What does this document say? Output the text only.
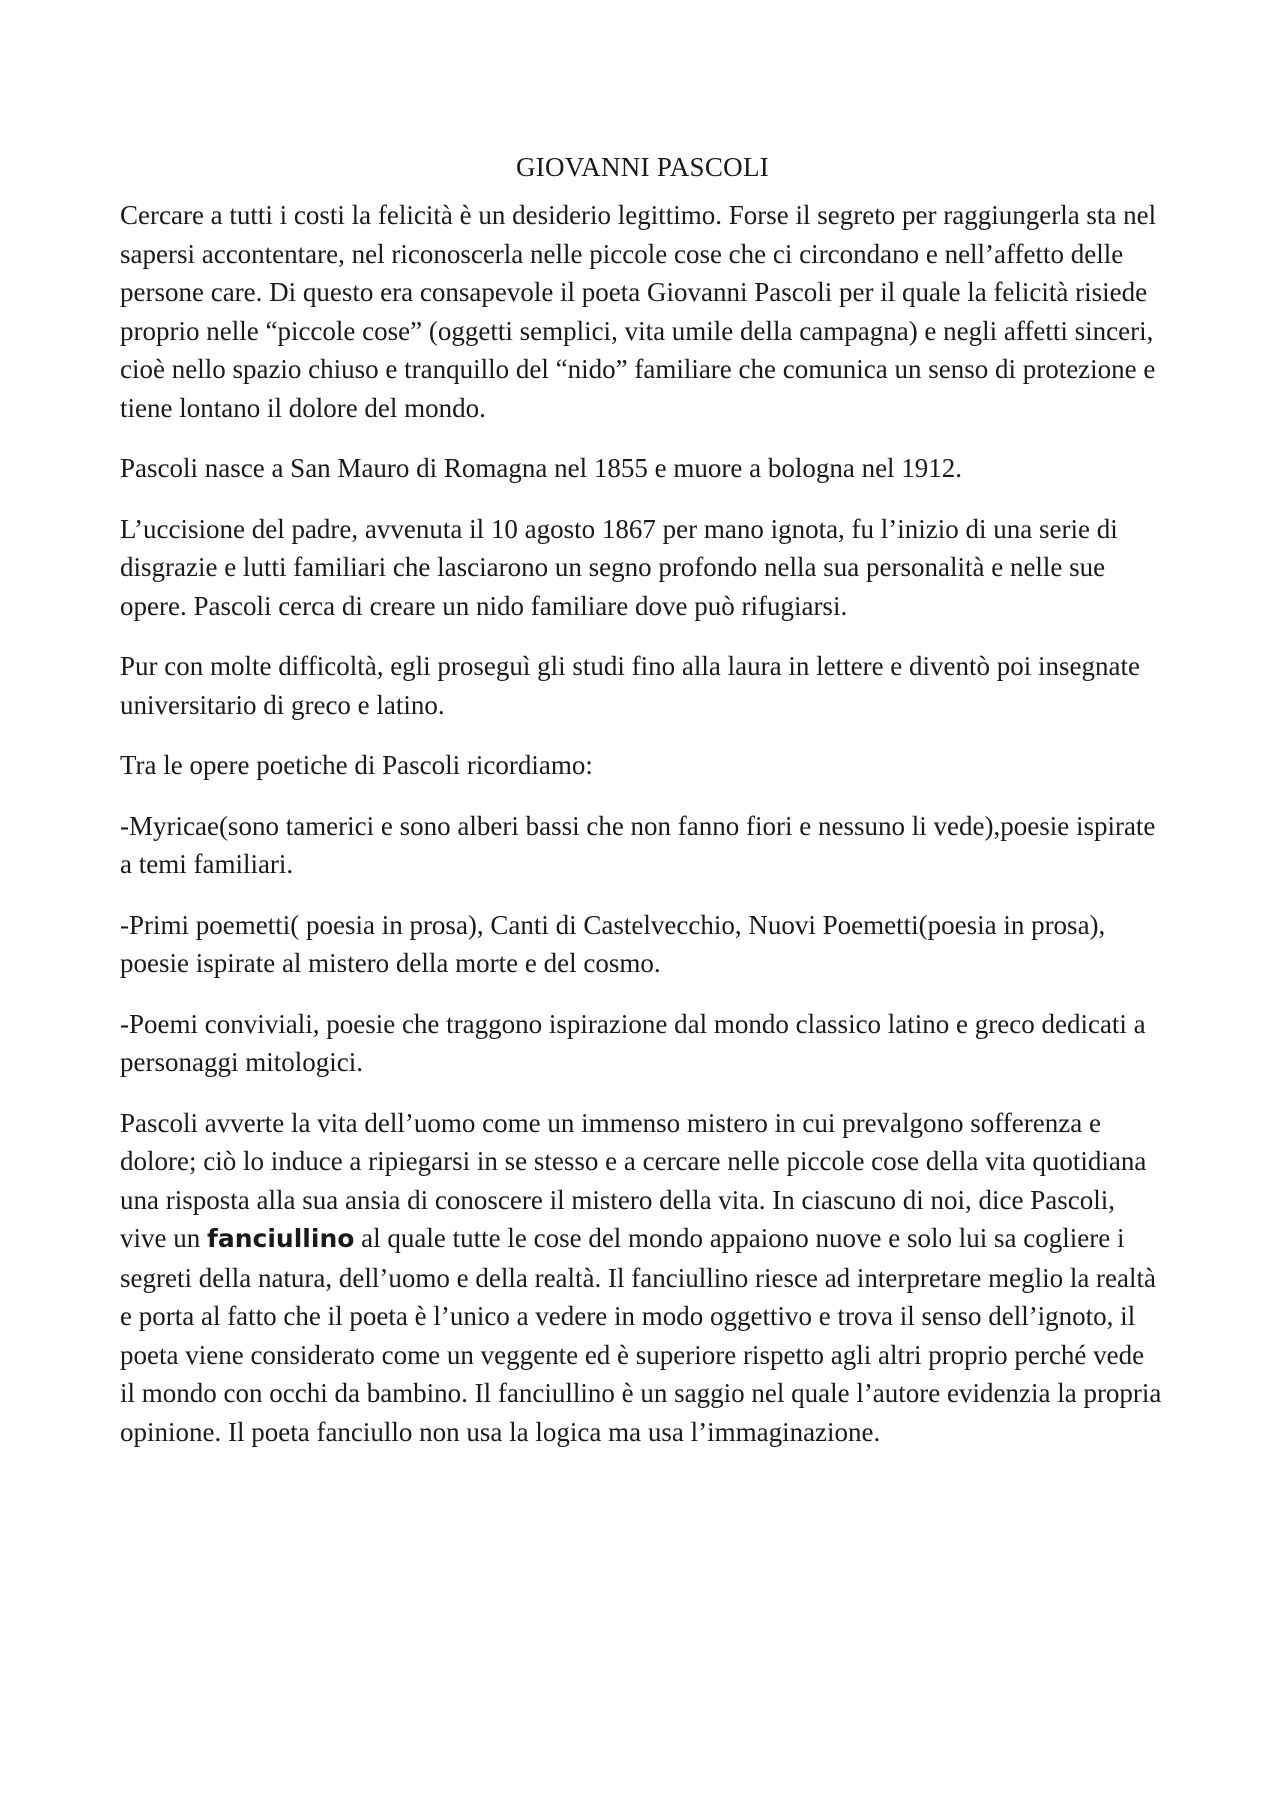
GIOVANNI PASCOLI

Cercare a tutti i costi la felicità è un desiderio legittimo. Forse il segreto per raggiungerla sta nel sapersi accontentare, nel riconoscerla nelle piccole cose che ci circondano e nell’affetto delle persone care. Di questo era consapevole il poeta Giovanni Pascoli per il quale la felicità risiede proprio nelle “piccole cose” (oggetti semplici, vita umile della campagna) e negli affetti sinceri, cioè nello spazio chiuso e tranquillo del “nido” familiare che comunica un senso di protezione e tiene lontano il dolore del mondo.

Pascoli nasce a San Mauro di Romagna nel 1855 e muore a bologna nel 1912.

L’uccisione del padre, avvenuta il 10 agosto 1867 per mano ignota, fu l’inizio di una serie di disgrazie e lutti familiari che lasciarono un segno profondo nella sua personalità e nelle sue opere. Pascoli cerca di creare un nido familiare dove può rifugiarsi.

Pur con molte difficoltà, egli proseguì gli studi fino alla laura in lettere e diventò poi insegnate universitario di greco e latino.

Tra le opere poetiche di Pascoli ricordiamo:

-Myricae(sono tamerici e sono alberi bassi che non fanno fiori e nessuno li vede),poesie ispirate a temi familiari.

-Primi poemetti( poesia in prosa), Canti di Castelvecchio, Nuovi Poemetti(poesia in prosa), poesie ispirate al mistero della morte e del cosmo.

-Poemi conviviali, poesie che traggono ispirazione dal mondo classico latino e greco dedicati a personaggi mitologici.

Pascoli avverte la vita dell’uomo come un immenso mistero in cui prevalgono sofferenza e dolore; ciò lo induce a ripiegarsi in se stesso e a cercare nelle piccole cose della vita quotidiana una risposta alla sua ansia di conoscere il mistero della vita. In ciascuno di noi, dice Pascoli, vive un fanciullino al quale tutte le cose del mondo appaiono nuove e solo lui sa cogliere i segreti della natura, dell’uomo e della realtà. Il fanciullino riesce ad interpretare meglio la realtà e porta al fatto che il poeta è l’unico a vedere in modo oggettivo e trova il senso dell’ignoto, il poeta viene considerato come un veggente ed è superiore rispetto agli altri proprio perché vede il mondo con occhi da bambino. Il fanciullino è un saggio nel quale l’autore evidenzia la propria opinione. Il poeta fanciullo non usa la logica ma usa l’immaginazione.
